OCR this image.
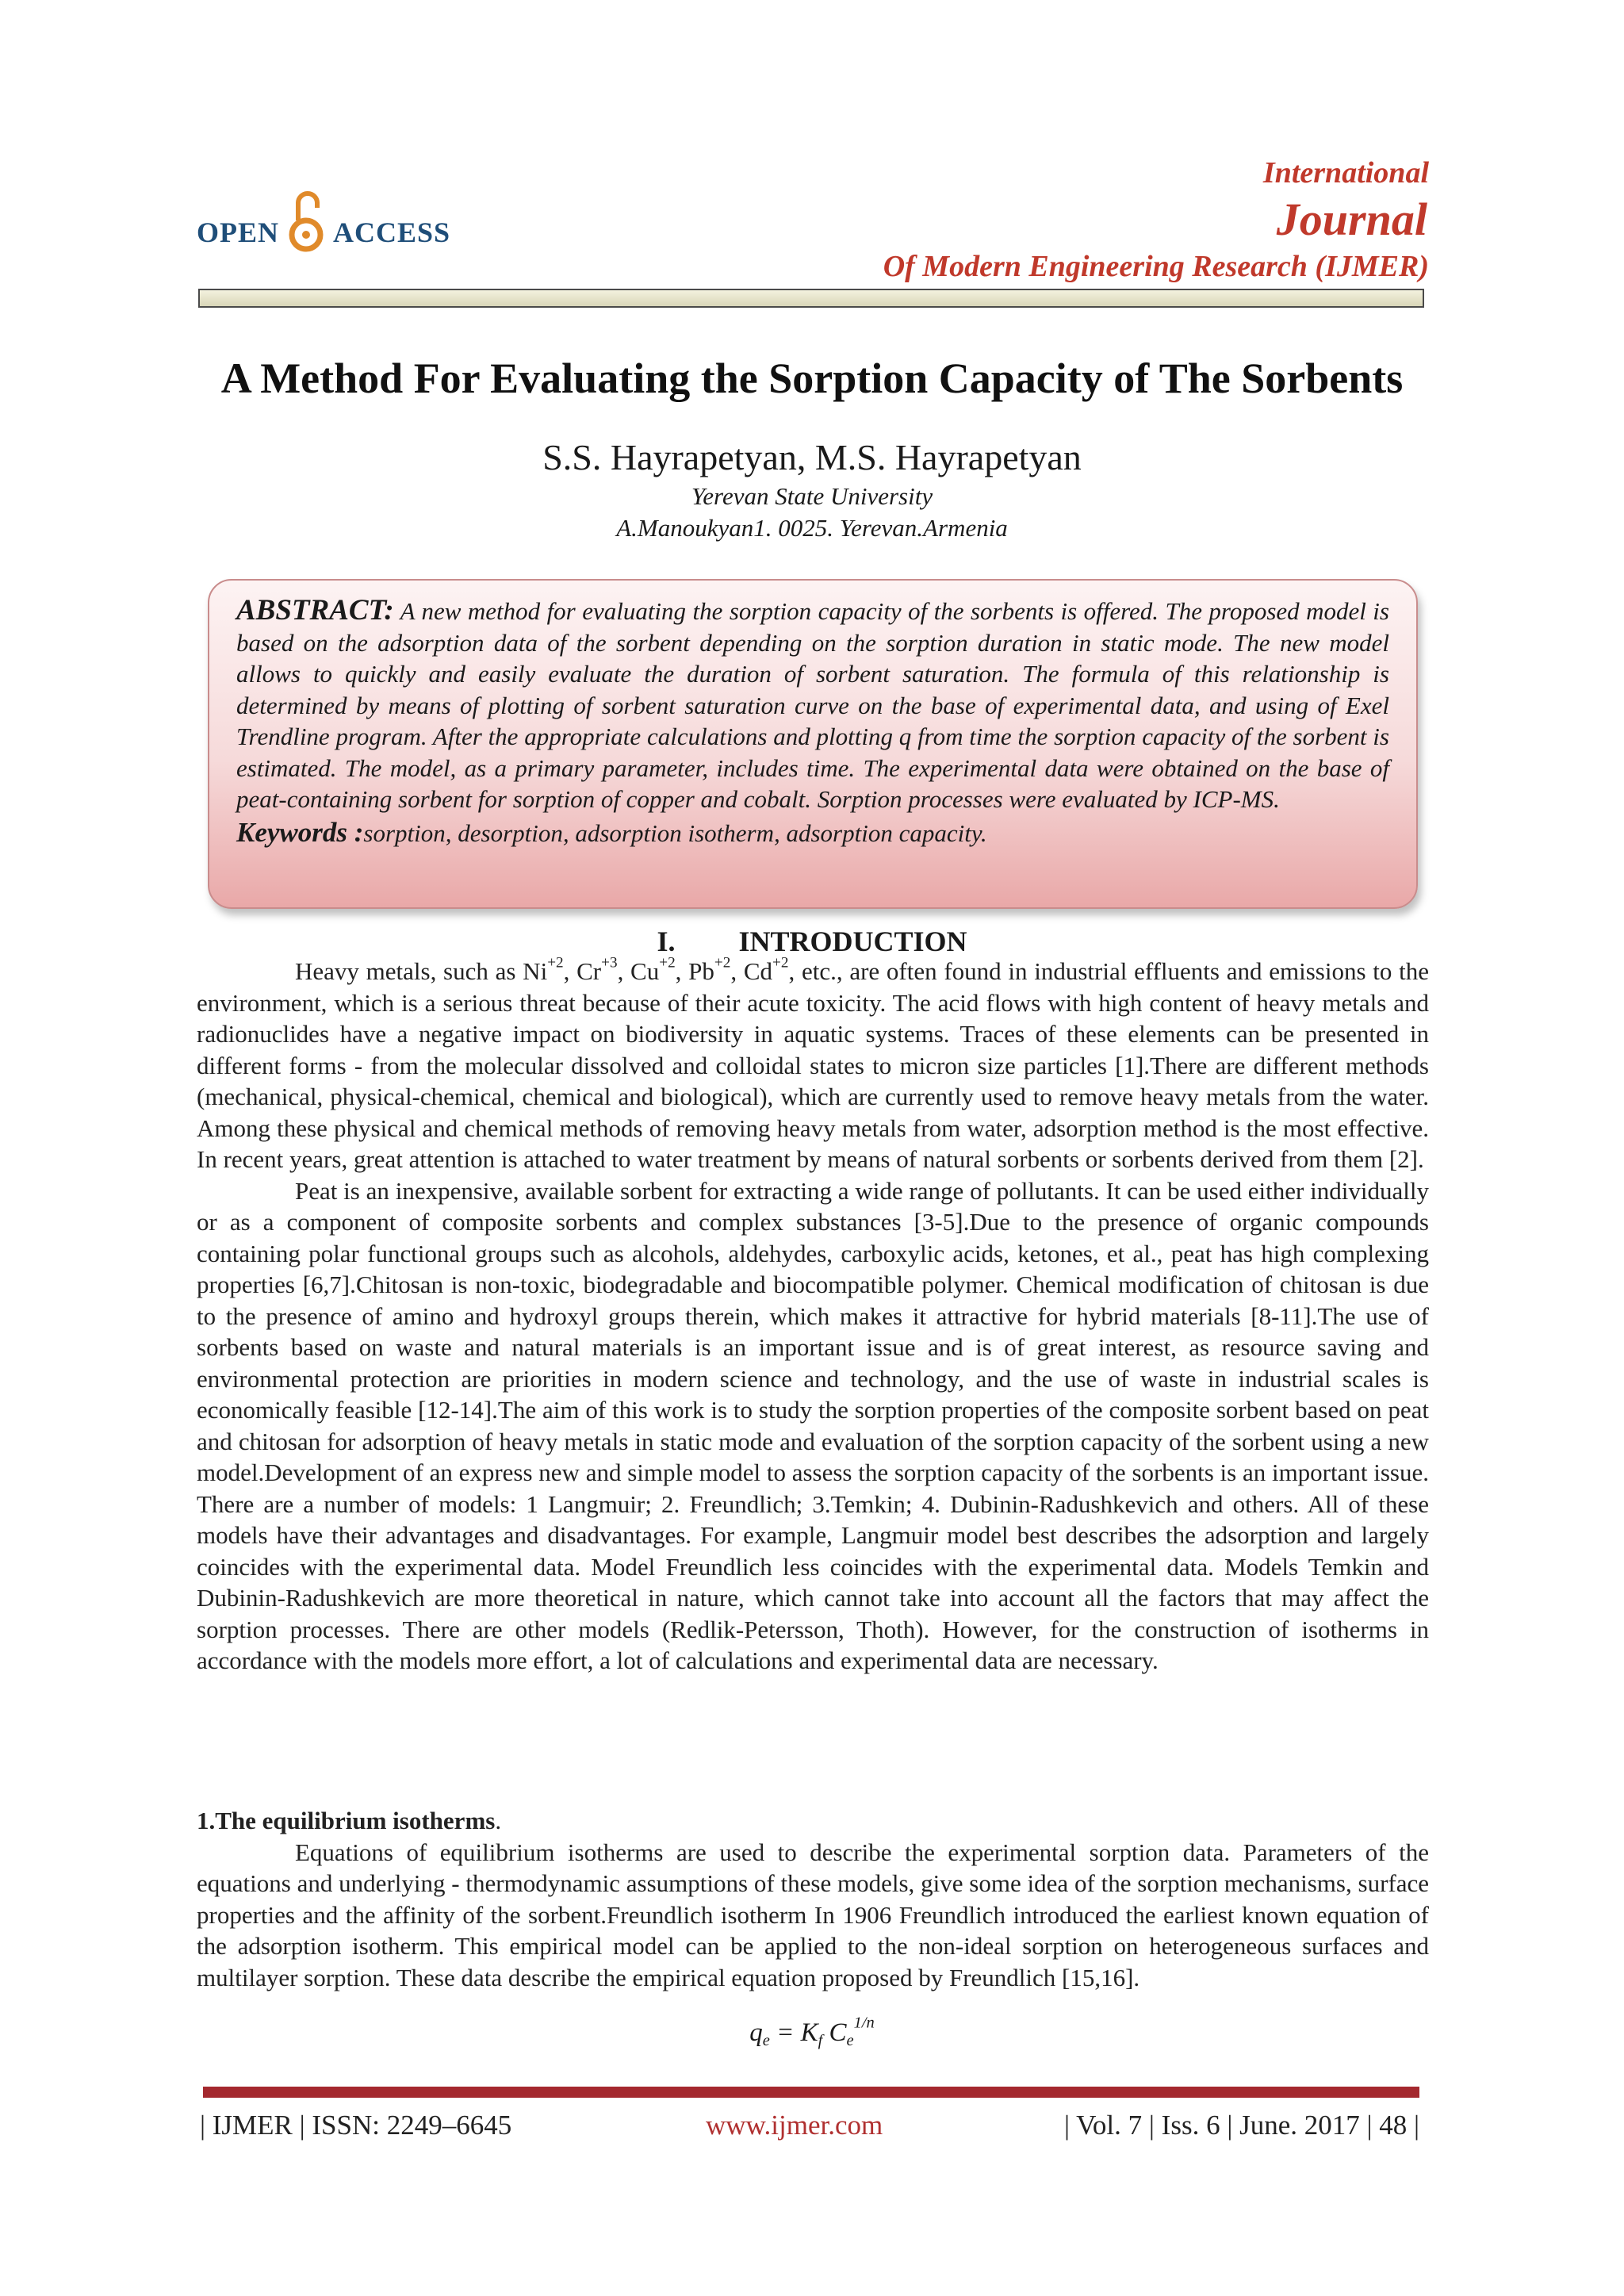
OPEN ACCESS
International
Journal
Of Modern Engineering Research (IJMER)
A Method For Evaluating the Sorption Capacity of The Sorbents
S.S. Hayrapetyan, M.S. Hayrapetyan
Yerevan State University
A.Manoukyan1. 0025. Yerevan.Armenia
ABSTRACT: A new method for evaluating the sorption capacity of the sorbents is offered. The proposed model is based on the adsorption data of the sorbent depending on the sorption duration in static mode. The new model allows to quickly and easily evaluate the duration of sorbent saturation. The formula of this relationship is determined by means of plotting of sorbent saturation curve on the base of experimental data, and using of Exel Trendline program. After the appropriate calculations and plotting q from time the sorption capacity of the sorbent is estimated. The model, as a primary parameter, includes time. The experimental data were obtained on the base of peat-containing sorbent for sorption of copper and cobalt. Sorption processes were evaluated by ICP-MS.
Keywords :sorption, desorption, adsorption isotherm, adsorption capacity.
I. INTRODUCTION

Heavy metals, such as $Ni^{+2}$, $Cr^{+3}$, $Cu^{+2}$, $Pb^{+2}$, $Cd^{+2}$, etc., are often found in industrial effluents and emissions to the environment, which is a serious threat because of their acute toxicity. The acid flows with high content of heavy metals and radionuclides have a negative impact on biodiversity in aquatic systems. Traces of these elements can be presented in different forms - from the molecular dissolved and colloidal states to micron size particles [1].There are different methods (mechanical, physical-chemical, chemical and biological), which are currently used to remove heavy metals from the water. Among these physical and chemical methods of removing heavy metals from water, adsorption method is the most effective. In recent years, great attention is attached to water treatment by means of natural sorbents or sorbents derived from them [2].

Peat is an inexpensive, available sorbent for extracting a wide range of pollutants. It can be used either individually or as a component of composite sorbents and complex substances [3-5].Due to the presence of organic compounds containing polar functional groups such as alcohols, aldehydes, carboxylic acids, ketones, et al., peat has high complexing properties [6,7].Chitosan is non-toxic, biodegradable and biocompatible polymer. Chemical modification of chitosan is due to the presence of amino and hydroxyl groups therein, which makes it attractive for hybrid materials [8-11].The use of sorbents based on waste and natural materials is an important issue and is of great interest, as resource saving and environmental protection are priorities in modern science and technology, and the use of waste in industrial scales is economically feasible [12-14].The aim of this work is to study the sorption properties of the composite sorbent based on peat and chitosan for adsorption of heavy metals in static mode and evaluation of the sorption capacity of the sorbent using a new model.Development of an express new and simple model to assess the sorption capacity of the sorbents is an important issue. There are a number of models: 1 Langmuir; 2. Freundlich; 3.Temkin; 4. Dubinin-Radushkevich and others. All of these models have their advantages and disadvantages. For example, Langmuir model best describes the adsorption and largely coincides with the experimental data. Model Freundlich less coincides with the experimental data. Models Temkin and Dubinin-Radushkevich are more theoretical in nature, which cannot take into account all the factors that may affect the sorption processes. There are other models (Redlik-Petersson, Thoth). However, for the construction of isotherms in accordance with the models more effort, a lot of calculations and experimental data are necessary.

1.The equilibrium isotherms.

Equations of equilibrium isotherms are used to describe the experimental sorption data. Parameters of the equations and underlying - thermodynamic assumptions of these models, give some idea of the sorption mechanisms, surface properties and the affinity of the sorbent.Freundlich isotherm In 1906 Freundlich introduced the earliest known equation of the adsorption isotherm. This empirical model can be applied to the non-ideal sorption on heterogeneous surfaces and multilayer sorption. These data describe the empirical equation proposed by Freundlich [15,16].

$q_e = K_f$ $C_e^{1/n}$
| IJMER | ISSN: 2249–6645	www.ijmer.com	| Vol. 7 | Iss. 6 | June. 2017 | 48 |
